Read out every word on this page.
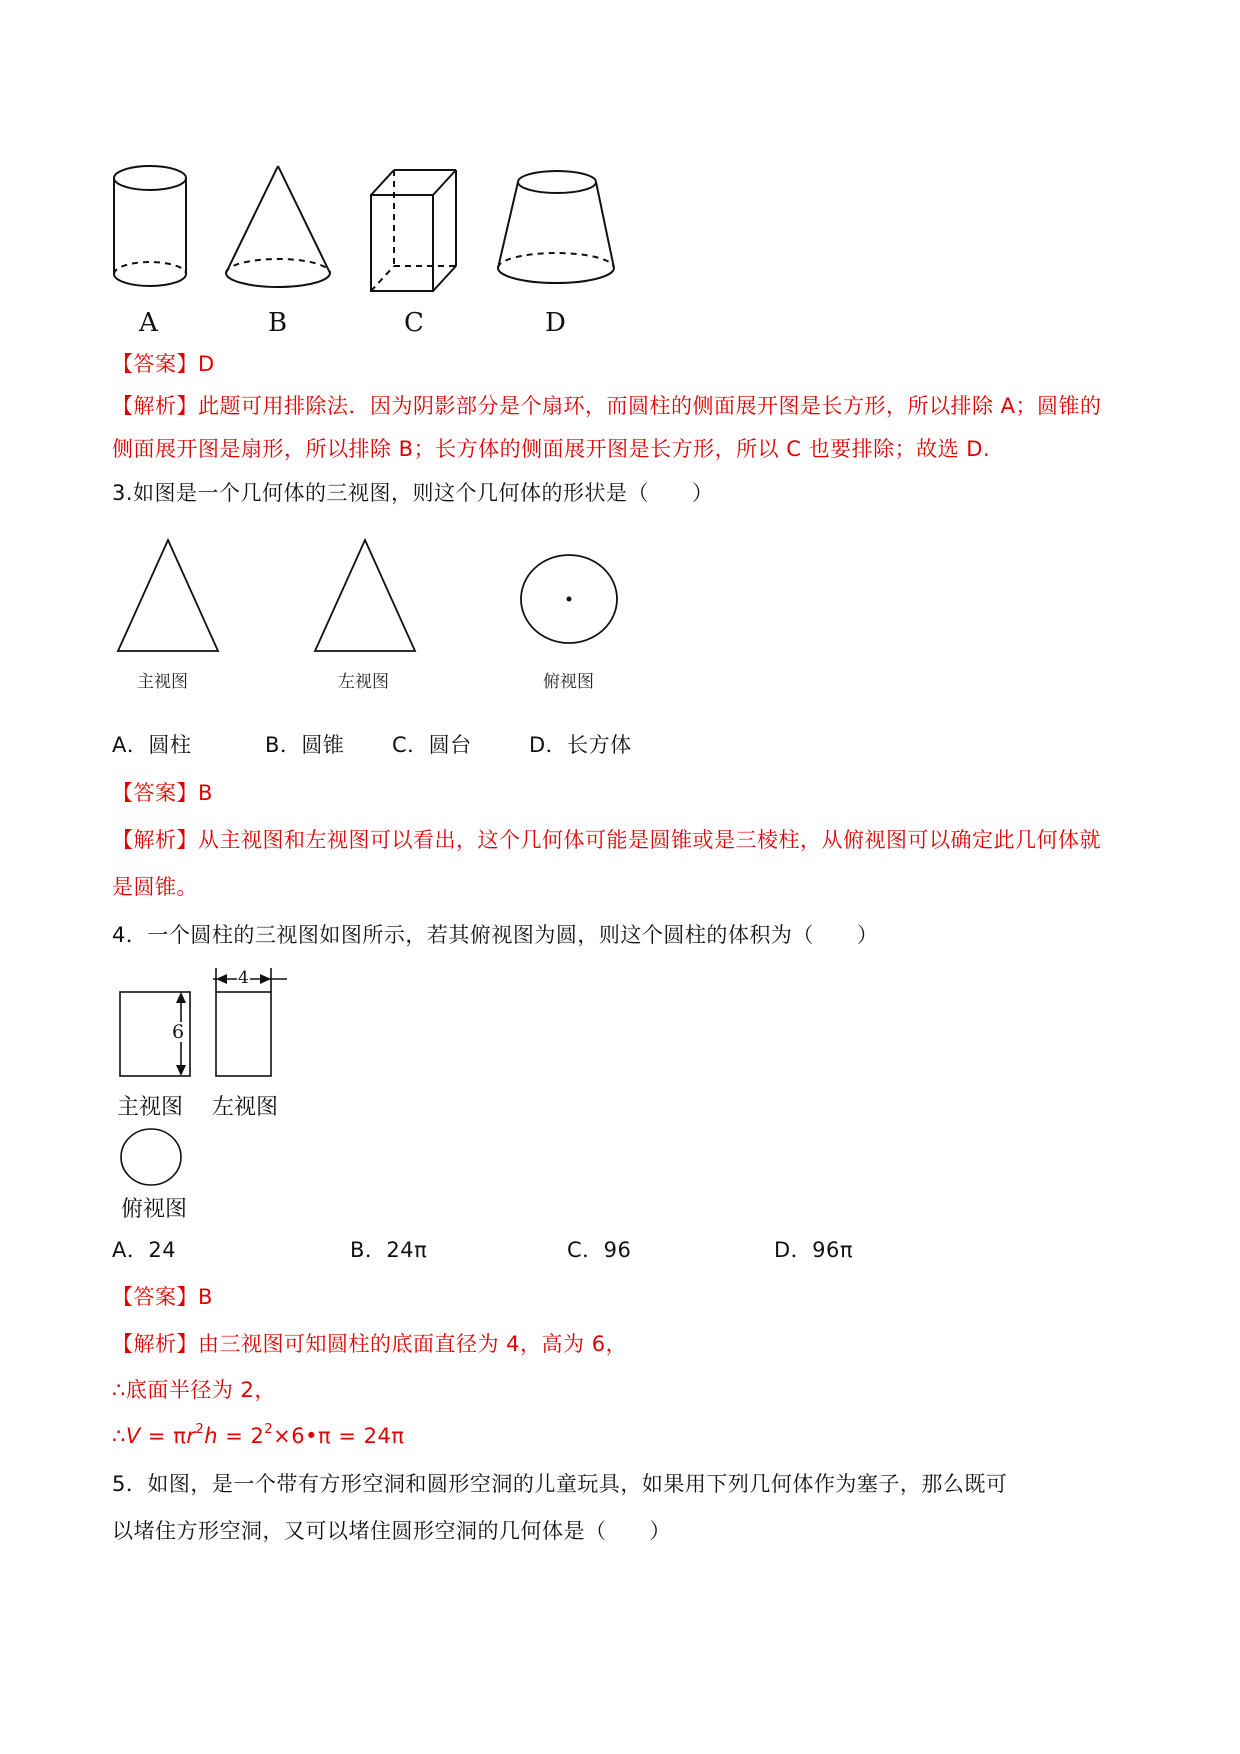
A	B	C	D
【答案】D
【解析】此题可用排除法．因为阴影部分是个扇环，而圆柱的侧面展开图是长方形，所以排除 A；圆锥的
侧面展开图是扇形，所以排除 B；长方体的侧面展开图是长方形，所以 C 也要排除；故选 D.
3.如图是一个几何体的三视图，则这个几何体的形状是（　　）
主视图	左视图	俯视图
A．圆柱	B．圆锥 C．圆台	D．长方体
【答案】B
【解析】从主视图和左视图可以看出，这个几何体可能是圆锥或是三棱柱，从俯视图可以确定此几何体就
是圆锥。
4．一个圆柱的三视图如图所示，若其俯视图为圆，则这个圆柱的体积为（　　）
6
4
主视图 左视图
俯视图
A．24	B．24π	C．96	D．96π
【答案】B
【解析】由三视图可知圆柱的底面直径为 4，高为 6，
∴底面半径为 2，
∴V = $\pi r^2h$ = $2^2\times 6•\pi = 24\pi$
5．如图，是一个带有方形空洞和圆形空洞的儿童玩具，如果用下列几何体作为塞子，那么既可
以堵住方形空洞，又可以堵住圆形空洞的几何体是（　　）
